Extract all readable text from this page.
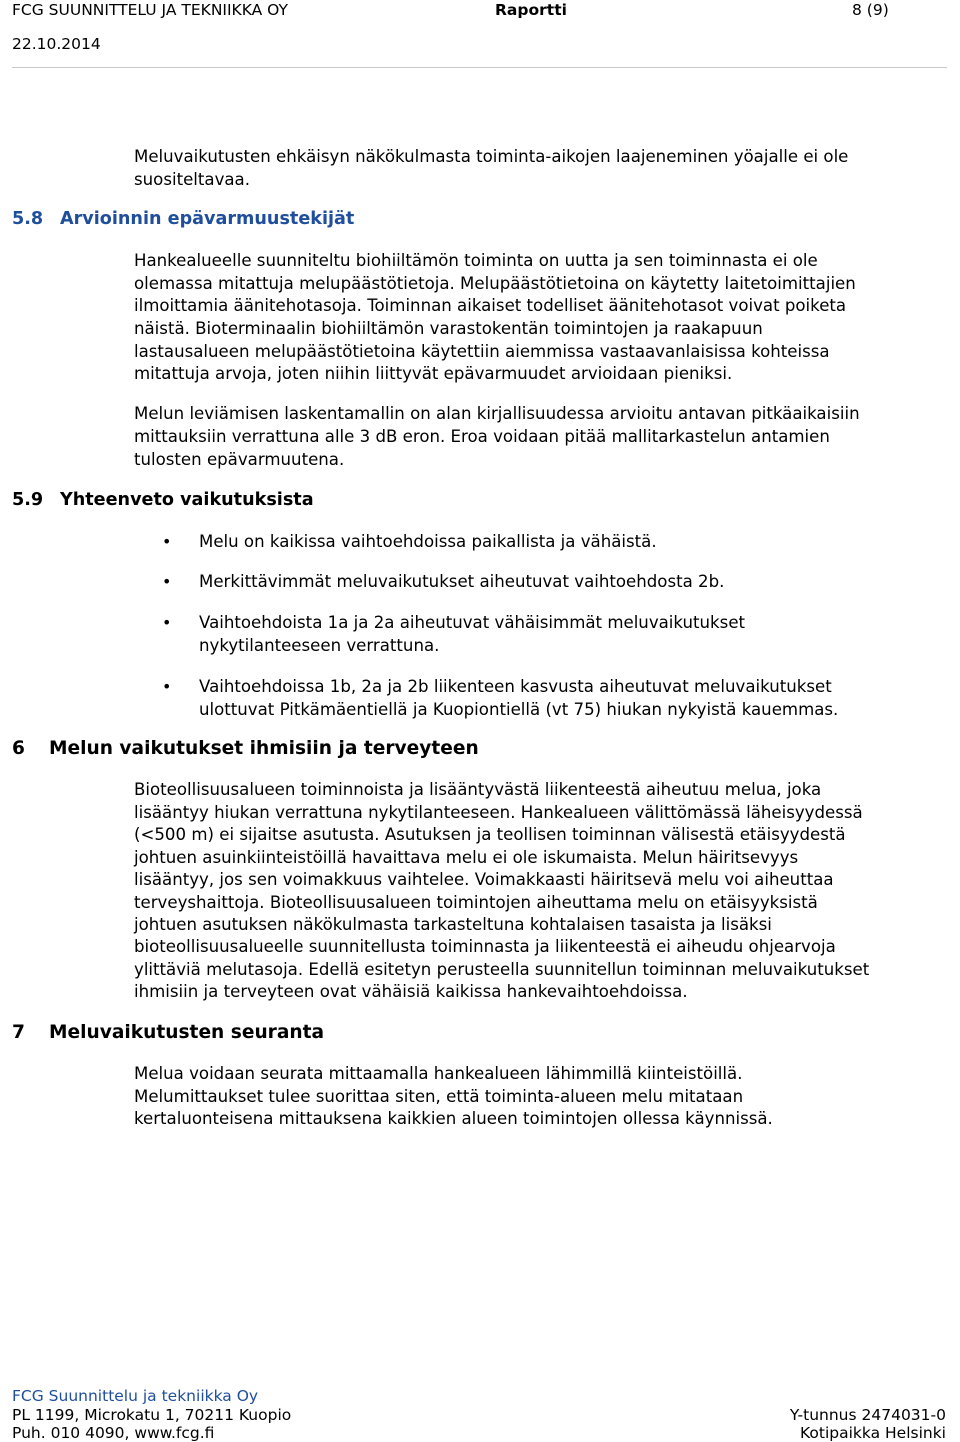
FCG SUUNNITTELU JA TEKNIIKKA OY	Raportti	8 (9)
22.10.2014

Meluvaikutusten ehkäisyn näkökulmasta toiminta-aikojen laajeneminen yöajalle ei ole

suositeltavaa.

5.8 Arvioinnin epävarmuustekijät

Hankealueelle suunniteltu biohiiltämön toiminta on uutta ja sen toiminnasta ei ole

olemassa mitattuja melupäästötietoja. Melupäästötietoina on käytetty laitetoimittajien

ilmoittamia äänitehotasoja. Toiminnan aikaiset todelliset äänitehotasot voivat poiketa

näistä. Bioterminaalin biohiiltämön varastokentän toimintojen ja raakapuun

lastausalueen melupäästötietoina käytettiin aiemmissa vastaavanlaisissa kohteissa

mitattuja arvoja, joten niihin liittyvät epävarmuudet arvioidaan pieniksi.

Melun leviämisen laskentamallin on alan kirjallisuudessa arvioitu antavan pitkäaikaisiin

mittauksiin verrattuna alle 3 dB eron. Eroa voidaan pitää mallitarkastelun antamien

tulosten epävarmuutena.

5.9 Yhteenveto vaikutuksista
• Melu on kaikissa vaihtoehdoissa paikallista ja vähäistä.

• Merkittävimmät meluvaikutukset aiheutuvat vaihtoehdosta 2b.

• Vaihtoehdoista 1a ja 2a aiheutuvat vähäisimmät meluvaikutukset

nykytilanteeseen verrattuna.

• Vaihtoehdoissa 1b, 2a ja 2b liikenteen kasvusta aiheutuvat meluvaikutukset

ulottuvat Pitkämäentiellä ja Kuopiontiellä (vt 75) hiukan nykyistä kauemmas.

6 Melun vaikutukset ihmisiin ja terveyteen

Bioteollisuusalueen toiminnoista ja lisääntyvästä liikenteestä aiheutuu melua, joka

lisääntyy hiukan verrattuna nykytilanteeseen. Hankealueen välittömässä läheisyydessä

(<500 m) ei sijaitse asutusta. Asutuksen ja teollisen toiminnan välisestä etäisyydestä

johtuen asuinkiinteistöillä havaittava melu ei ole iskumaista. Melun häiritsevyys

lisääntyy, jos sen voimakkuus vaihtelee. Voimakkaasti häiritsevä melu voi aiheuttaa

terveyshaittoja. Bioteollisuusalueen toimintojen aiheuttama melu on etäisyyksistä

johtuen asutuksen näkökulmasta tarkasteltuna kohtalaisen tasaista ja lisäksi

bioteollisuusalueelle suunnitellusta toiminnasta ja liikenteestä ei aiheudu ohjearvoja

ylittäviä melutasoja. Edellä esitetyn perusteella suunnitellun toiminnan meluvaikutukset

ihmisiin ja terveyteen ovat vähäisiä kaikissa hankevaihtoehdoissa.

7 Meluvaikutusten seuranta

Melua voidaan seurata mittaamalla hankealueen lähimmillä kiinteistöillä.

Melumittaukset tulee suorittaa siten, että toiminta-alueen melu mitataan

kertaluonteisena mittauksena kaikkien alueen toimintojen ollessa käynnissä.

FCG Suunnittelu ja tekniikka Oy
PL 1199, Microkatu 1, 70211 Kuopio
Puh. 010 4090, www.fcg.fi
Y-tunnus 2474031-0
Kotipaikka Helsinki
